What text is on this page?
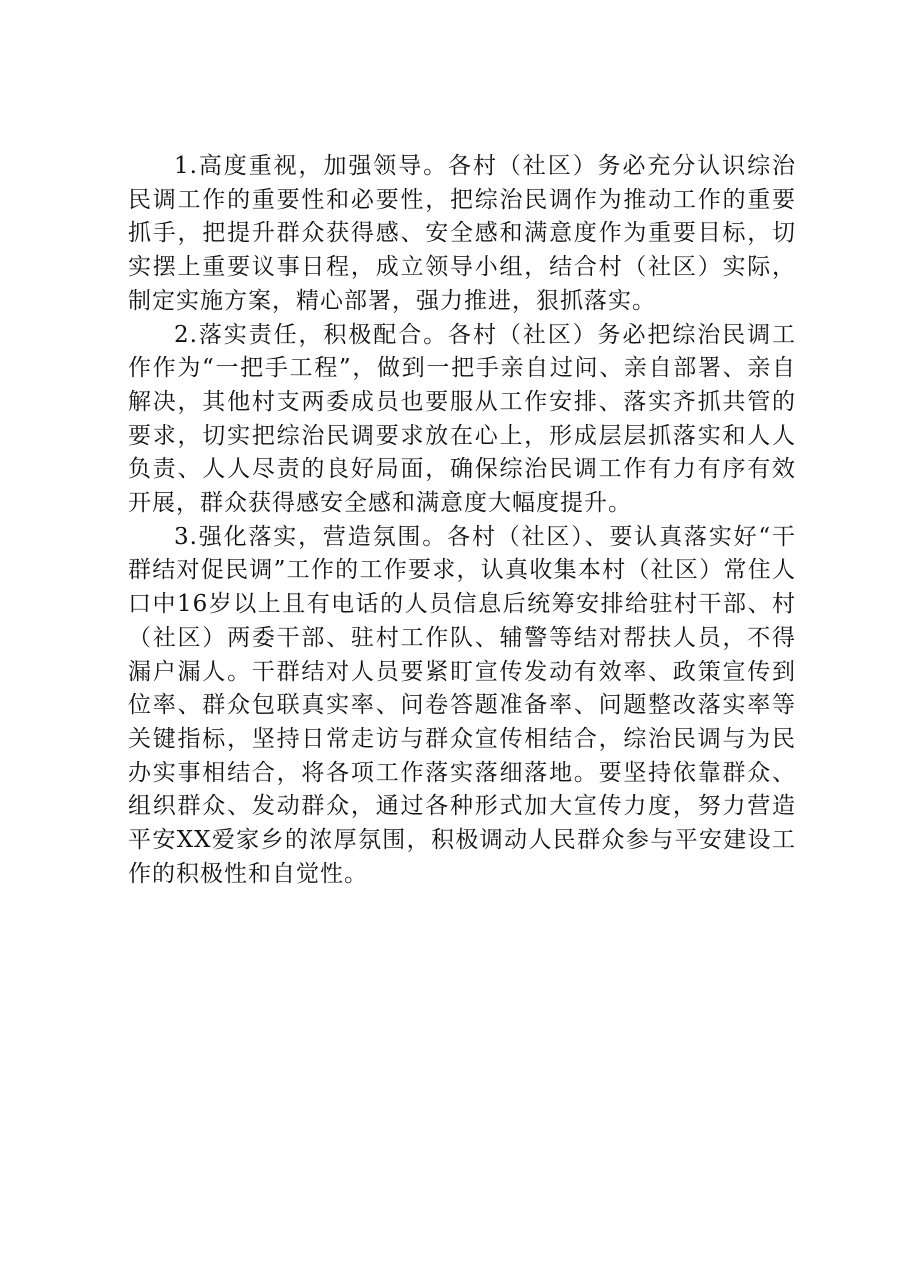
1.高度重视，加强领导。各村（社区）务必充分认识综治民调工作的重要性和必要性，把综治民调作为推动工作的重要抓手，把提升群众获得感、安全感和满意度作为重要目标，切实摆上重要议事日程，成立领导小组，结合村（社区）实际，制定实施方案，精心部署，强力推进，狠抓落实。

2.落实责任，积极配合。各村（社区）务必把综治民调工作作为“一把手工程”，做到一把手亲自过问、亲自部署、亲自解决，其他村支两委成员也要服从工作安排、落实齐抓共管的要求，切实把综治民调要求放在心上，形成层层抓落实和人人负责、人人尽责的良好局面，确保综治民调工作有力有序有效开展，群众获得感安全感和满意度大幅度提升。

3.强化落实，营造氛围。各村（社区）、要认真落实好“干群结对促民调”工作的工作要求，认真收集本村（社区）常住人口中16岁以上且有电话的人员信息后统筹安排给驻村干部、村（社区）两委干部、驻村工作队、辅警等结对帮扶人员，不得漏户漏人。干群结对人员要紧盯宣传发动有效率、政策宣传到位率、群众包联真实率、问卷答题准备率、问题整改落实率等关键指标，坚持日常走访与群众宣传相结合，综治民调与为民办实事相结合，将各项工作落实落细落地。要坚持依靠群众、组织群众、发动群众，通过各种形式加大宣传力度，努力营造平安XX爱家乡的浓厚氛围，积极调动人民群众参与平安建设工作的积极性和自觉性。
